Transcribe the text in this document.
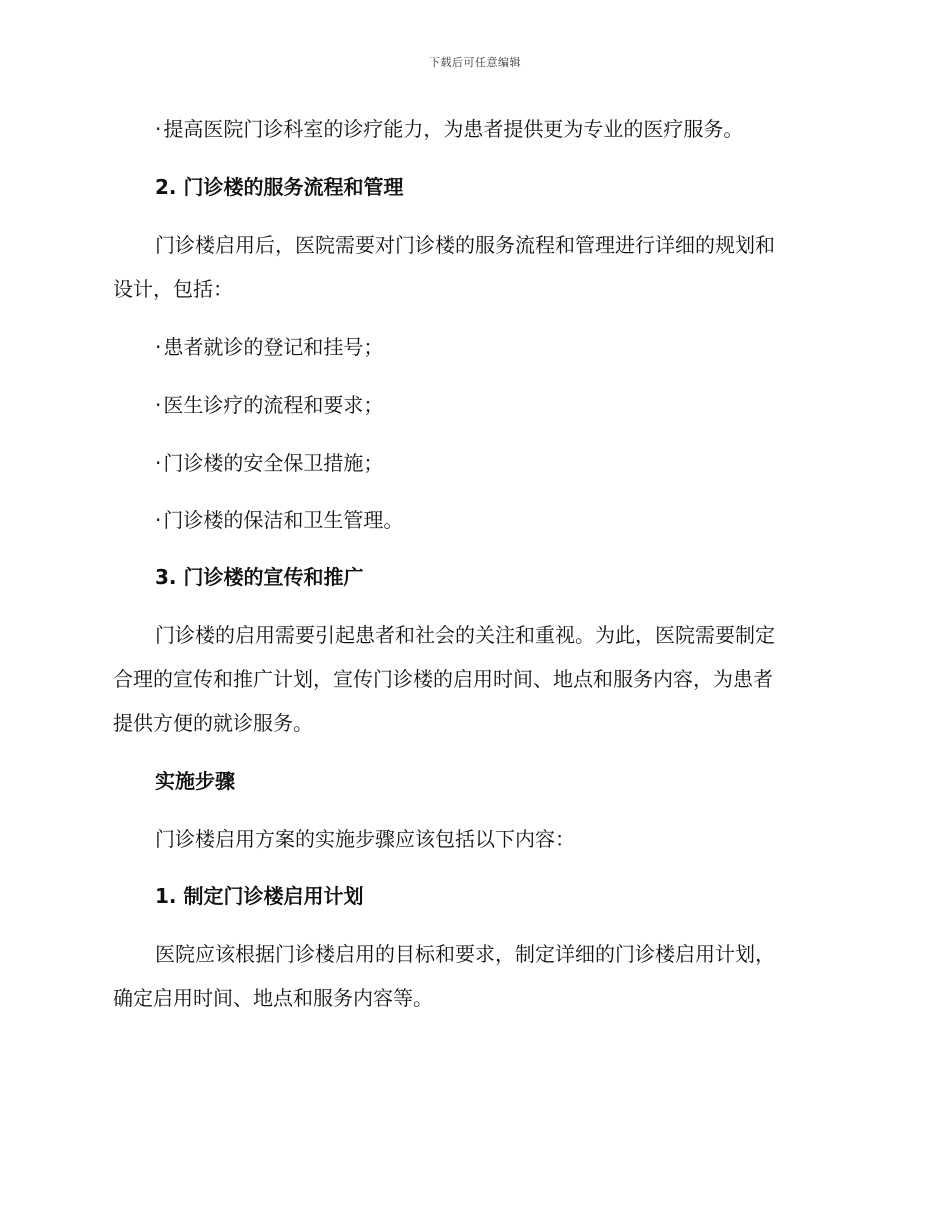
下载后可任意编辑
· 提高医院门诊科室的诊疗能力，为患者提供更为专业的医疗服务。
2. 门诊楼的服务流程和管理
门诊楼启用后，医院需要对门诊楼的服务流程和管理进行详细的规划和
设计，包括：
· 患者就诊的登记和挂号；
· 医生诊疗的流程和要求；
· 门诊楼的安全保卫措施；
· 门诊楼的保洁和卫生管理。
3. 门诊楼的宣传和推广
门诊楼的启用需要引起患者和社会的关注和重视。为此，医院需要制定
合理的宣传和推广计划，宣传门诊楼的启用时间、地点和服务内容，为患者
提供方便的就诊服务。
实施步骤
门诊楼启用方案的实施步骤应该包括以下内容：
1. 制定门诊楼启用计划
医院应该根据门诊楼启用的目标和要求，制定详细的门诊楼启用计划，
确定启用时间、地点和服务内容等。
